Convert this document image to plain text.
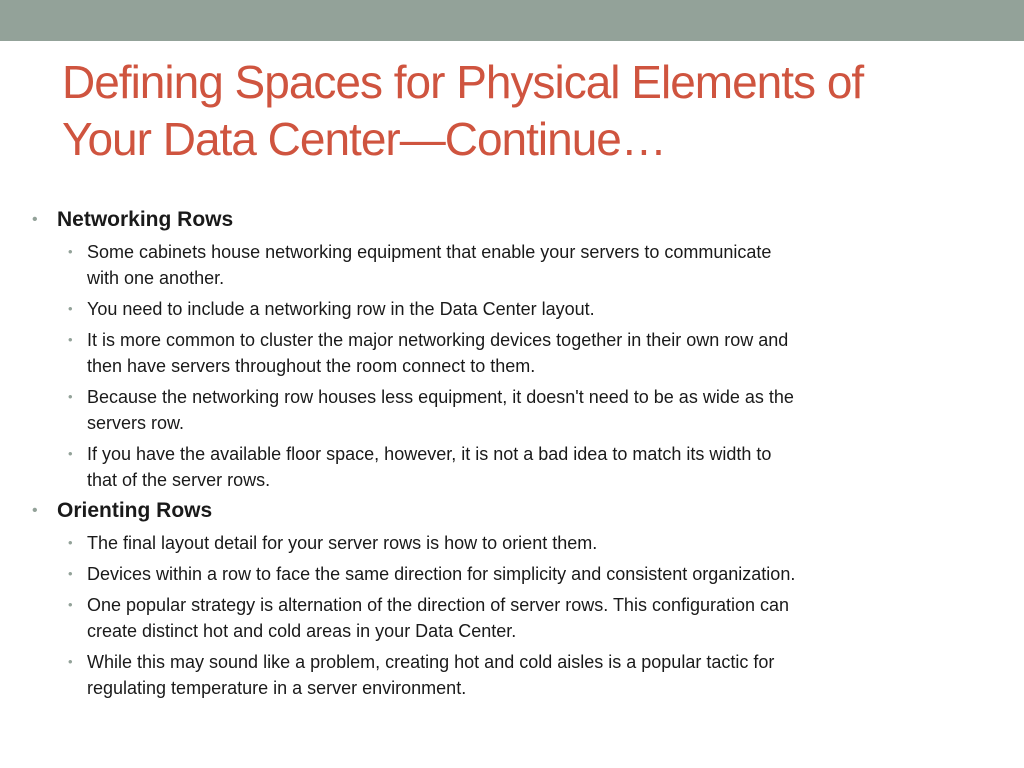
Defining Spaces for Physical Elements of
Your Data Center—Continue…
• Networking Rows
• Some cabinets house networking equipment that enable your servers to communicate
with one another.
• You need to include a networking row in the Data Center layout.
• It is more common to cluster the major networking devices together in their own row and
then have servers throughout the room connect to them.
• Because the networking row houses less equipment, it doesn't need to be as wide as the
servers row.
• If you have the available floor space, however, it is not a bad idea to match its width to
that of the server rows.
• Orienting Rows
• The final layout detail for your server rows is how to orient them.
• Devices within a row to face the same direction for simplicity and consistent organization.
• One popular strategy is alternation of the direction of server rows. This configuration can
create distinct hot and cold areas in your Data Center.
• While this may sound like a problem, creating hot and cold aisles is a popular tactic for
regulating temperature in a server environment.
